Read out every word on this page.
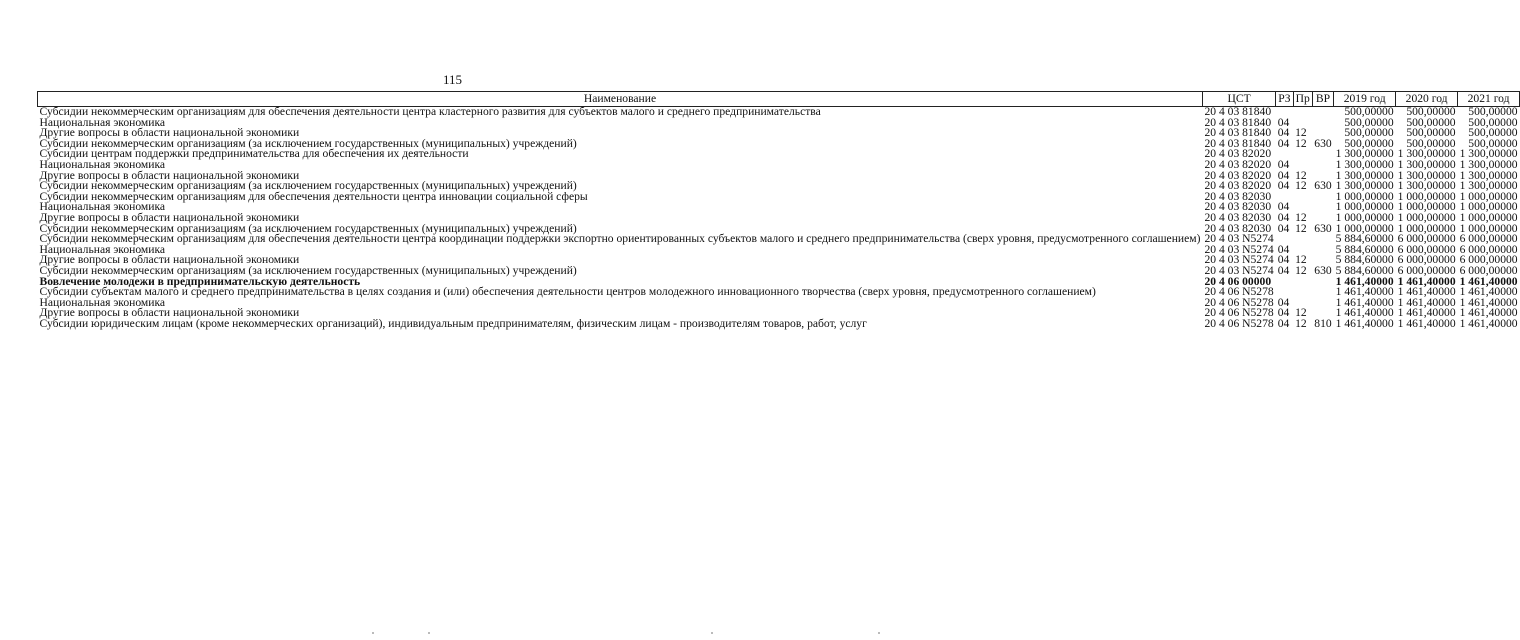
115
Наименование	ЦСТ	РЗ	Пр	ВР	2019 год	2020 год	2021 год
Субсидии некоммерческим организациям для обеспечения деятельности центра кластерного развития для субъектов малого и среднего предпринимательства	20 4 03 81840				500,00000	500,00000	500,00000
Национальная экономика	20 4 03 81840	04			500,00000	500,00000	500,00000
Другие вопросы в области национальной экономики	20 4 03 81840	04	12		500,00000	500,00000	500,00000
Субсидии некоммерческим организациям (за исключением государственных (муниципальных) учреждений)	20 4 03 81840	04	12	630	500,00000	500,00000	500,00000
Субсидии центрам поддержки предпринимательства для обеспечения их деятельности	20 4 03 82020				1 300,00000	1 300,00000	1 300,00000
Национальная экономика	20 4 03 82020	04			1 300,00000	1 300,00000	1 300,00000
Другие вопросы в области национальной экономики	20 4 03 82020	04	12		1 300,00000	1 300,00000	1 300,00000
Субсидии некоммерческим организациям (за исключением государственных (муниципальных) учреждений)	20 4 03 82020	04	12	630	1 300,00000	1 300,00000	1 300,00000
Субсидии некоммерческим организациям для обеспечения деятельности центра инновации социальной сферы	20 4 03 82030				1 000,00000	1 000,00000	1 000,00000
Национальная экономика	20 4 03 82030	04			1 000,00000	1 000,00000	1 000,00000
Другие вопросы в области национальной экономики	20 4 03 82030	04	12		1 000,00000	1 000,00000	1 000,00000
Субсидии некоммерческим организациям (за исключением государственных (муниципальных) учреждений)	20 4 03 82030	04	12	630	1 000,00000	1 000,00000	1 000,00000
Субсидии некоммерческим организациям для обеспечения деятельности центра координации поддержки экспортно ориентированных субъектов малого и среднего предпринимательства (сверх уровня, предусмотренного соглашением)	20 4 03 N5274				5 884,60000	6 000,00000	6 000,00000
Национальная экономика	20 4 03 N5274	04			5 884,60000	6 000,00000	6 000,00000
Другие вопросы в области национальной экономики	20 4 03 N5274	04	12		5 884,60000	6 000,00000	6 000,00000
Субсидии некоммерческим организациям (за исключением государственных (муниципальных) учреждений)	20 4 03 N5274	04	12	630	5 884,60000	6 000,00000	6 000,00000
Вовлечение молодежи в предпринимательскую деятельность	20 4 06 00000				1 461,40000	1 461,40000	1 461,40000
Субсидии субъектам малого и среднего предпринимательства в целях создания и (или) обеспечения деятельности центров молодежного инновационного творчества (сверх уровня, предусмотренного соглашением)	20 4 06 N5278				1 461,40000	1 461,40000	1 461,40000
Национальная экономика	20 4 06 N5278	04			1 461,40000	1 461,40000	1 461,40000
Другие вопросы в области национальной экономики	20 4 06 N5278	04	12		1 461,40000	1 461,40000	1 461,40000
Субсидии юридическим лицам (кроме некоммерческих организаций), индивидуальным предпринимателям, физическим лицам - производителям товаров, работ, услуг	20 4 06 N5278	04	12	810	1 461,40000	1 461,40000	1 461,40000
